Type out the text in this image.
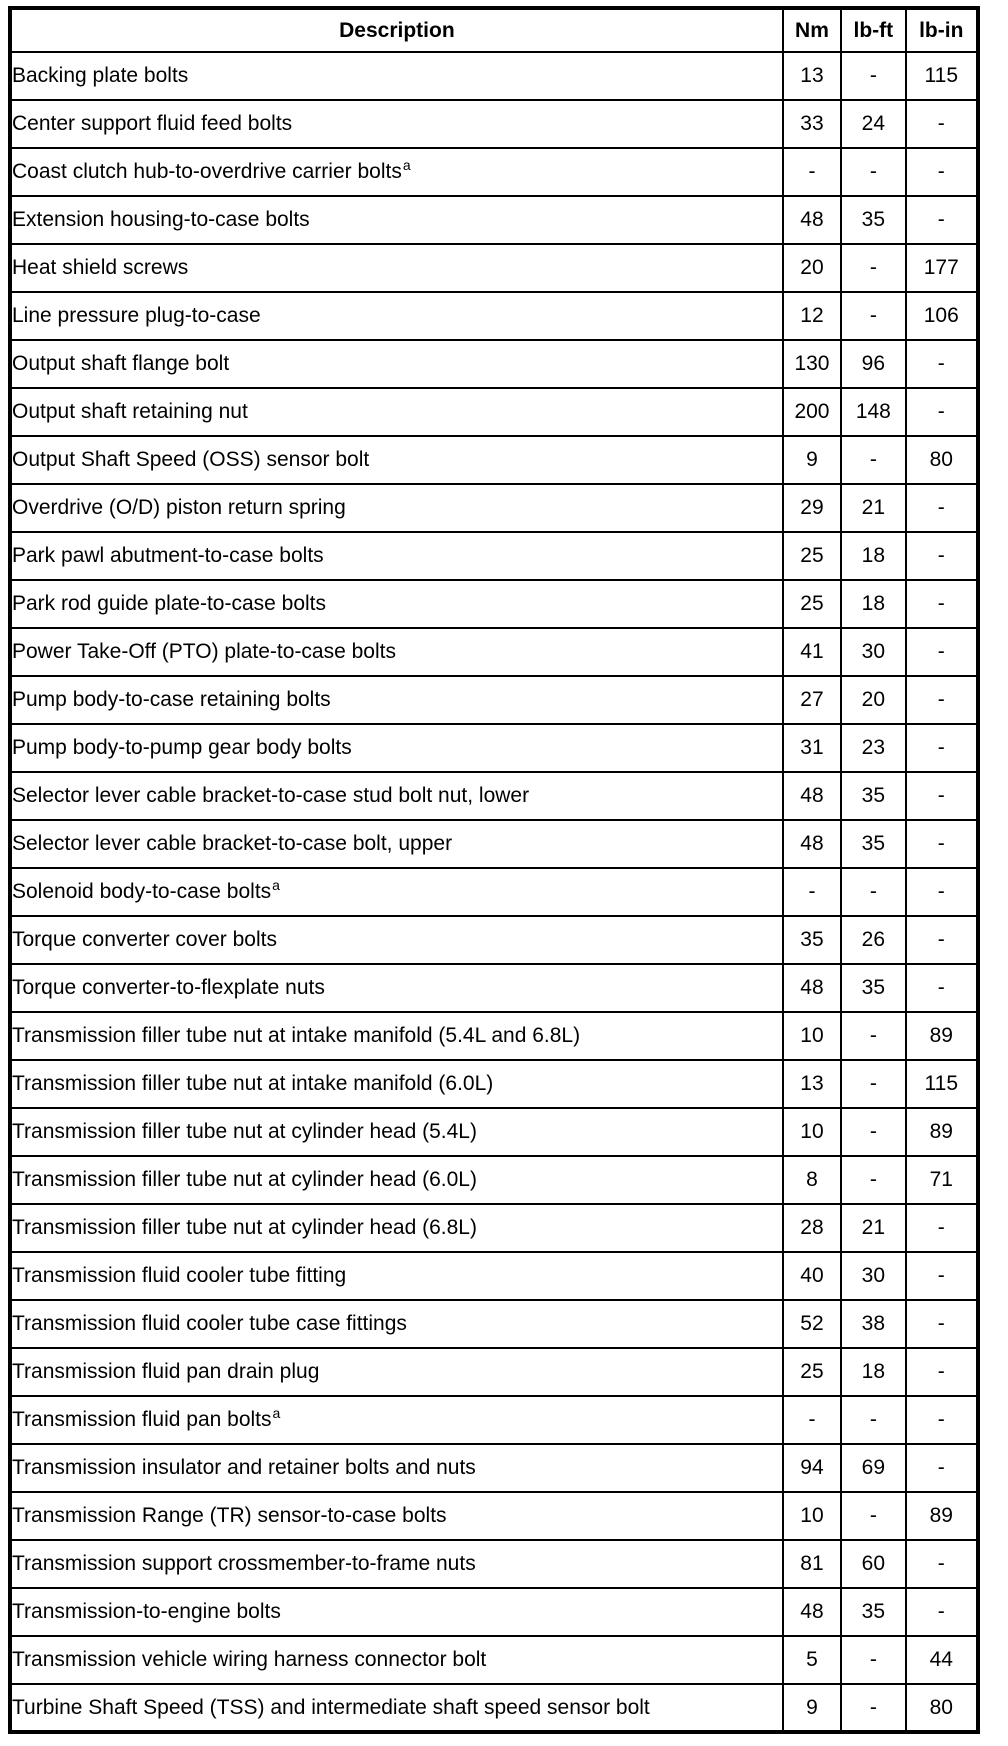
Description	Nm	lb-ft	lb-in
Backing plate bolts	13	-	115
Center support fluid feed bolts	33	24	-
Coast clutch hub-to-overdrive carrier bolts$^a$	-	-	-
Extension housing-to-case bolts	48	35	-
Heat shield screws	20	-	177
Line pressure plug-to-case	12	-	106
Output shaft flange bolt	130	96	-
Output shaft retaining nut	200	148	-
Output Shaft Speed (OSS) sensor bolt	9	-	80
Overdrive (O/D) piston return spring	29	21	-
Park pawl abutment-to-case bolts	25	18	-
Park rod guide plate-to-case bolts	25	18	-
Power Take-Off (PTO) plate-to-case bolts	41	30	-
Pump body-to-case retaining bolts	27	20	-
Pump body-to-pump gear body bolts	31	23	-
Selector lever cable bracket-to-case stud bolt nut, lower	48	35	-
Selector lever cable bracket-to-case bolt, upper	48	35	-
Solenoid body-to-case bolts$^a$	-	-	-
Torque converter cover bolts	35	26	-
Torque converter-to-flexplate nuts	48	35	-
Transmission filler tube nut at intake manifold (5.4L and 6.8L)	10	-	89
Transmission filler tube nut at intake manifold (6.0L)	13	-	115
Transmission filler tube nut at cylinder head (5.4L)	10	-	89
Transmission filler tube nut at cylinder head (6.0L)	8	-	71
Transmission filler tube nut at cylinder head (6.8L)	28	21	-
Transmission fluid cooler tube fitting	40	30	-
Transmission fluid cooler tube case fittings	52	38	-
Transmission fluid pan drain plug	25	18	-
Transmission fluid pan bolts$^a$	-	-	-
Transmission insulator and retainer bolts and nuts	94	69	-
Transmission Range (TR) sensor-to-case bolts	10	-	89
Transmission support crossmember-to-frame nuts	81	60	-
Transmission-to-engine bolts	48	35	-
Transmission vehicle wiring harness connector bolt	5	-	44
Turbine Shaft Speed (TSS) and intermediate shaft speed sensor bolt	9	-	80
